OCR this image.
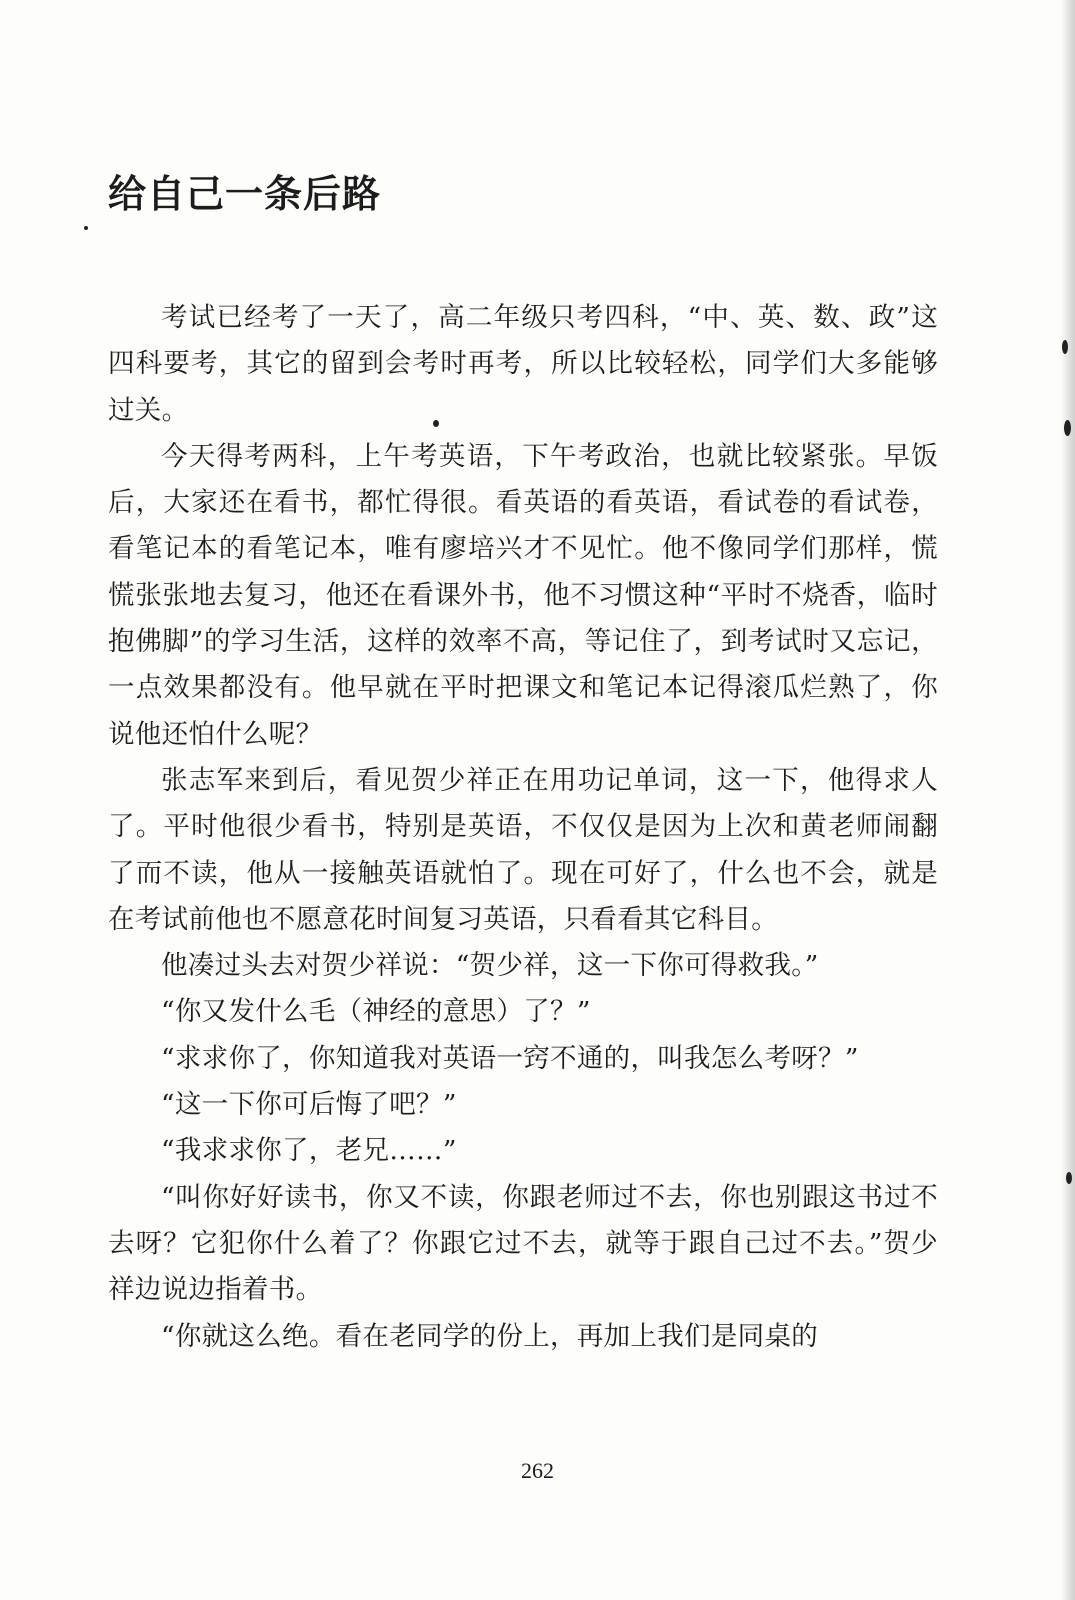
给自己一条后路

考试已经考了一天了，高二年级只考四科，“中、英、数、政”这四科要考，其它的留到会考时再考，所以比较轻松，同学们大多能够过关。

今天得考两科，上午考英语，下午考政治，也就比较紧张。早饭后，大家还在看书，都忙得很。看英语的看英语，看试卷的看试卷，看笔记本的看笔记本，唯有廖培兴才不见忙。他不像同学们那样，慌慌张张地去复习，他还在看课外书，他不习惯这种“平时不烧香，临时抱佛脚”的学习生活，这样的效率不高，等记住了，到考试时又忘记，一点效果都没有。他早就在平时把课文和笔记本记得滚瓜烂熟了，你说他还怕什么呢？

张志军来到后，看见贺少祥正在用功记单词，这一下，他得求人了。平时他很少看书，特别是英语，不仅仅是因为上次和黄老师闹翻了而不读，他从一接触英语就怕了。现在可好了，什么也不会，就是在考试前他也不愿意花时间复习英语，只看看其它科目。

他凑过头去对贺少祥说：“贺少祥，这一下你可得救我。”

“你又发什么毛（神经的意思）了？”

“求求你了，你知道我对英语一窍不通的，叫我怎么考呀？”

“这一下你可后悔了吧？”

“我求求你了，老兄……”

“叫你好好读书，你又不读，你跟老师过不去，你也别跟这书过不去呀？它犯你什么着了？你跟它过不去，就等于跟自己过不去。”贺少祥边说边指着书。

“你就这么绝。看在老同学的份上，再加上我们是同桌的

262
